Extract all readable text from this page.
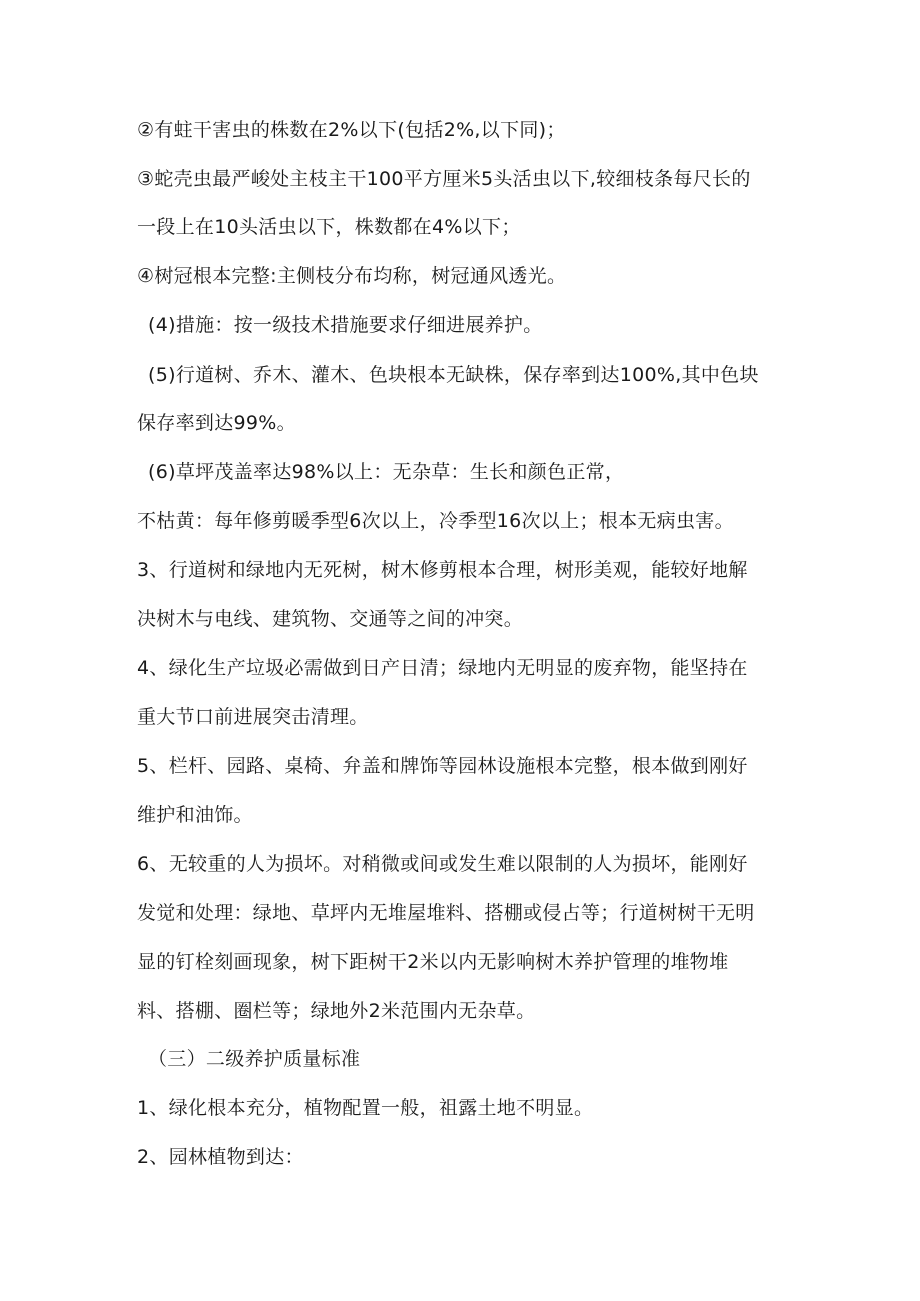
②有蛀干害虫的株数在2%以下(包括2%,以下同)；
③蛇壳虫最严峻处主枝主干100平方厘米5头活虫以下,较细枝条每尺长的
一段上在10头活虫以下，株数都在4%以下；
④树冠根本完整:主侧枝分布均称，树冠通风透光。
(4)措施：按一级技术措施要求仔细进展养护。
(5)行道树、乔木、灌木、色块根本无缺株，保存率到达100%,其中色块
保存率到达99%。
(6)草坪茂盖率达98%以上：无杂草：生长和颜色正常，
不枯黄：每年修剪暖季型6次以上，冷季型16次以上；根本无病虫害。
3、行道树和绿地内无死树，树木修剪根本合理，树形美观，能较好地解
决树木与电线、建筑物、交通等之间的冲突。
4、绿化生产垃圾必需做到日产日清；绿地内无明显的废弃物，能坚持在
重大节口前进展突击清理。
5、栏杆、园路、桌椅、弁盖和牌饰等园林设施根本完整，根本做到刚好
维护和油饰。
6、无较重的人为损坏。对稍微或间或发生难以限制的人为损坏，能刚好
发觉和处理：绿地、草坪内无堆屋堆料、搭棚或侵占等；行道树树干无明
显的钉栓刻画现象，树下距树干2米以内无影响树木养护管理的堆物堆
料、搭棚、圈栏等；绿地外2米范围内无杂草。
（三）二级养护质量标准
1、绿化根本充分，植物配置一般，祖露土地不明显。
2、园林植物到达：
